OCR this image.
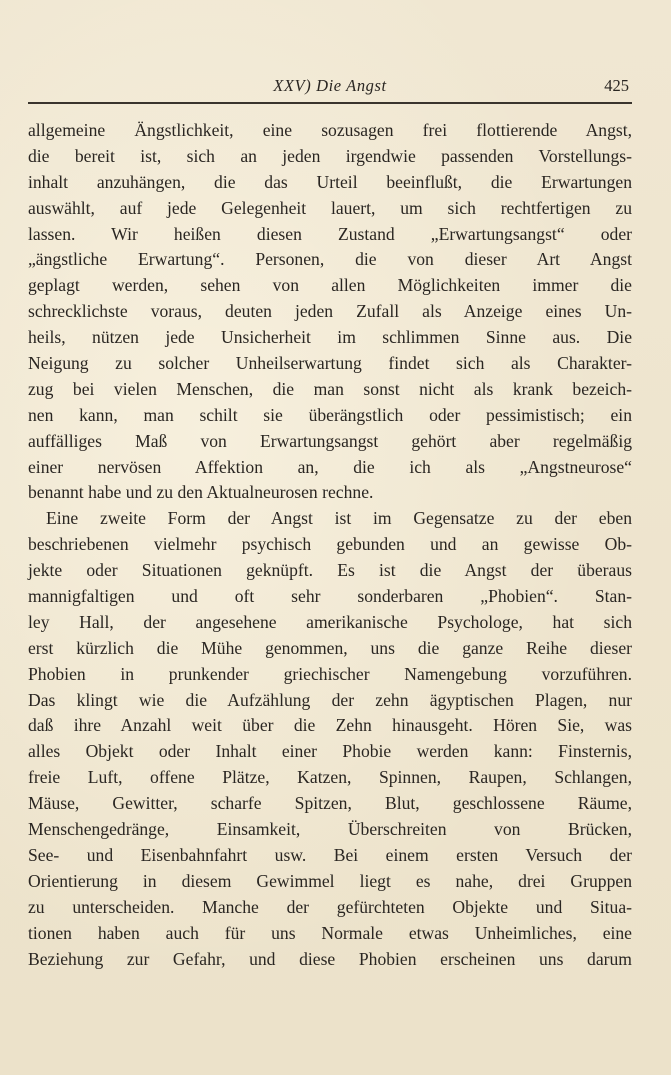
XXV) Die Angst	425
allgemeine Ängstlichkeit, eine sozusagen frei flottierende Angst,
die bereit ist, sich an jeden irgendwie passenden Vorstellungs-
inhalt anzuhängen, die das Urteil beeinflußt, die Erwartungen
auswählt, auf jede Gelegenheit lauert, um sich rechtfertigen zu
lassen. Wir heißen diesen Zustand „Erwartungsangst“ oder
„ängstliche Erwartung“. Personen, die von dieser Art Angst
geplagt werden, sehen von allen Möglichkeiten immer die
schrecklichste voraus, deuten jeden Zufall als Anzeige eines Un-
heils, nützen jede Unsicherheit im schlimmen Sinne aus. Die
Neigung zu solcher Unheilserwartung findet sich als Charakter-
zug bei vielen Menschen, die man sonst nicht als krank bezeich-
nen kann, man schilt sie überängstlich oder pessimistisch; ein
auffälliges Maß von Erwartungsangst gehört aber regelmäßig
einer nervösen Affektion an, die ich als „Angstneurose“
benannt habe und zu den Aktualneurosen rechne.
Eine zweite Form der Angst ist im Gegensatze zu der eben
beschriebenen vielmehr psychisch gebunden und an gewisse Ob-
jekte oder Situationen geknüpft. Es ist die Angst der überaus
mannigfaltigen und oft sehr sonderbaren „Phobien“. Stan-
ley Hall, der angesehene amerikanische Psychologe, hat sich
erst kürzlich die Mühe genommen, uns die ganze Reihe dieser
Phobien in prunkender griechischer Namengebung vorzuführen.
Das klingt wie die Aufzählung der zehn ägyptischen Plagen, nur
daß ihre Anzahl weit über die Zehn hinausgeht. Hören Sie, was
alles Objekt oder Inhalt einer Phobie werden kann: Finsternis,
freie Luft, offene Plätze, Katzen, Spinnen, Raupen, Schlangen,
Mäuse, Gewitter, scharfe Spitzen, Blut, geschlossene Räume,
Menschengedränge, Einsamkeit, Überschreiten von Brücken,
See- und Eisenbahnfahrt usw. Bei einem ersten Versuch der
Orientierung in diesem Gewimmel liegt es nahe, drei Gruppen
zu unterscheiden. Manche der gefürchteten Objekte und Situa-
tionen haben auch für uns Normale etwas Unheimliches, eine
Beziehung zur Gefahr, und diese Phobien erscheinen uns darum
